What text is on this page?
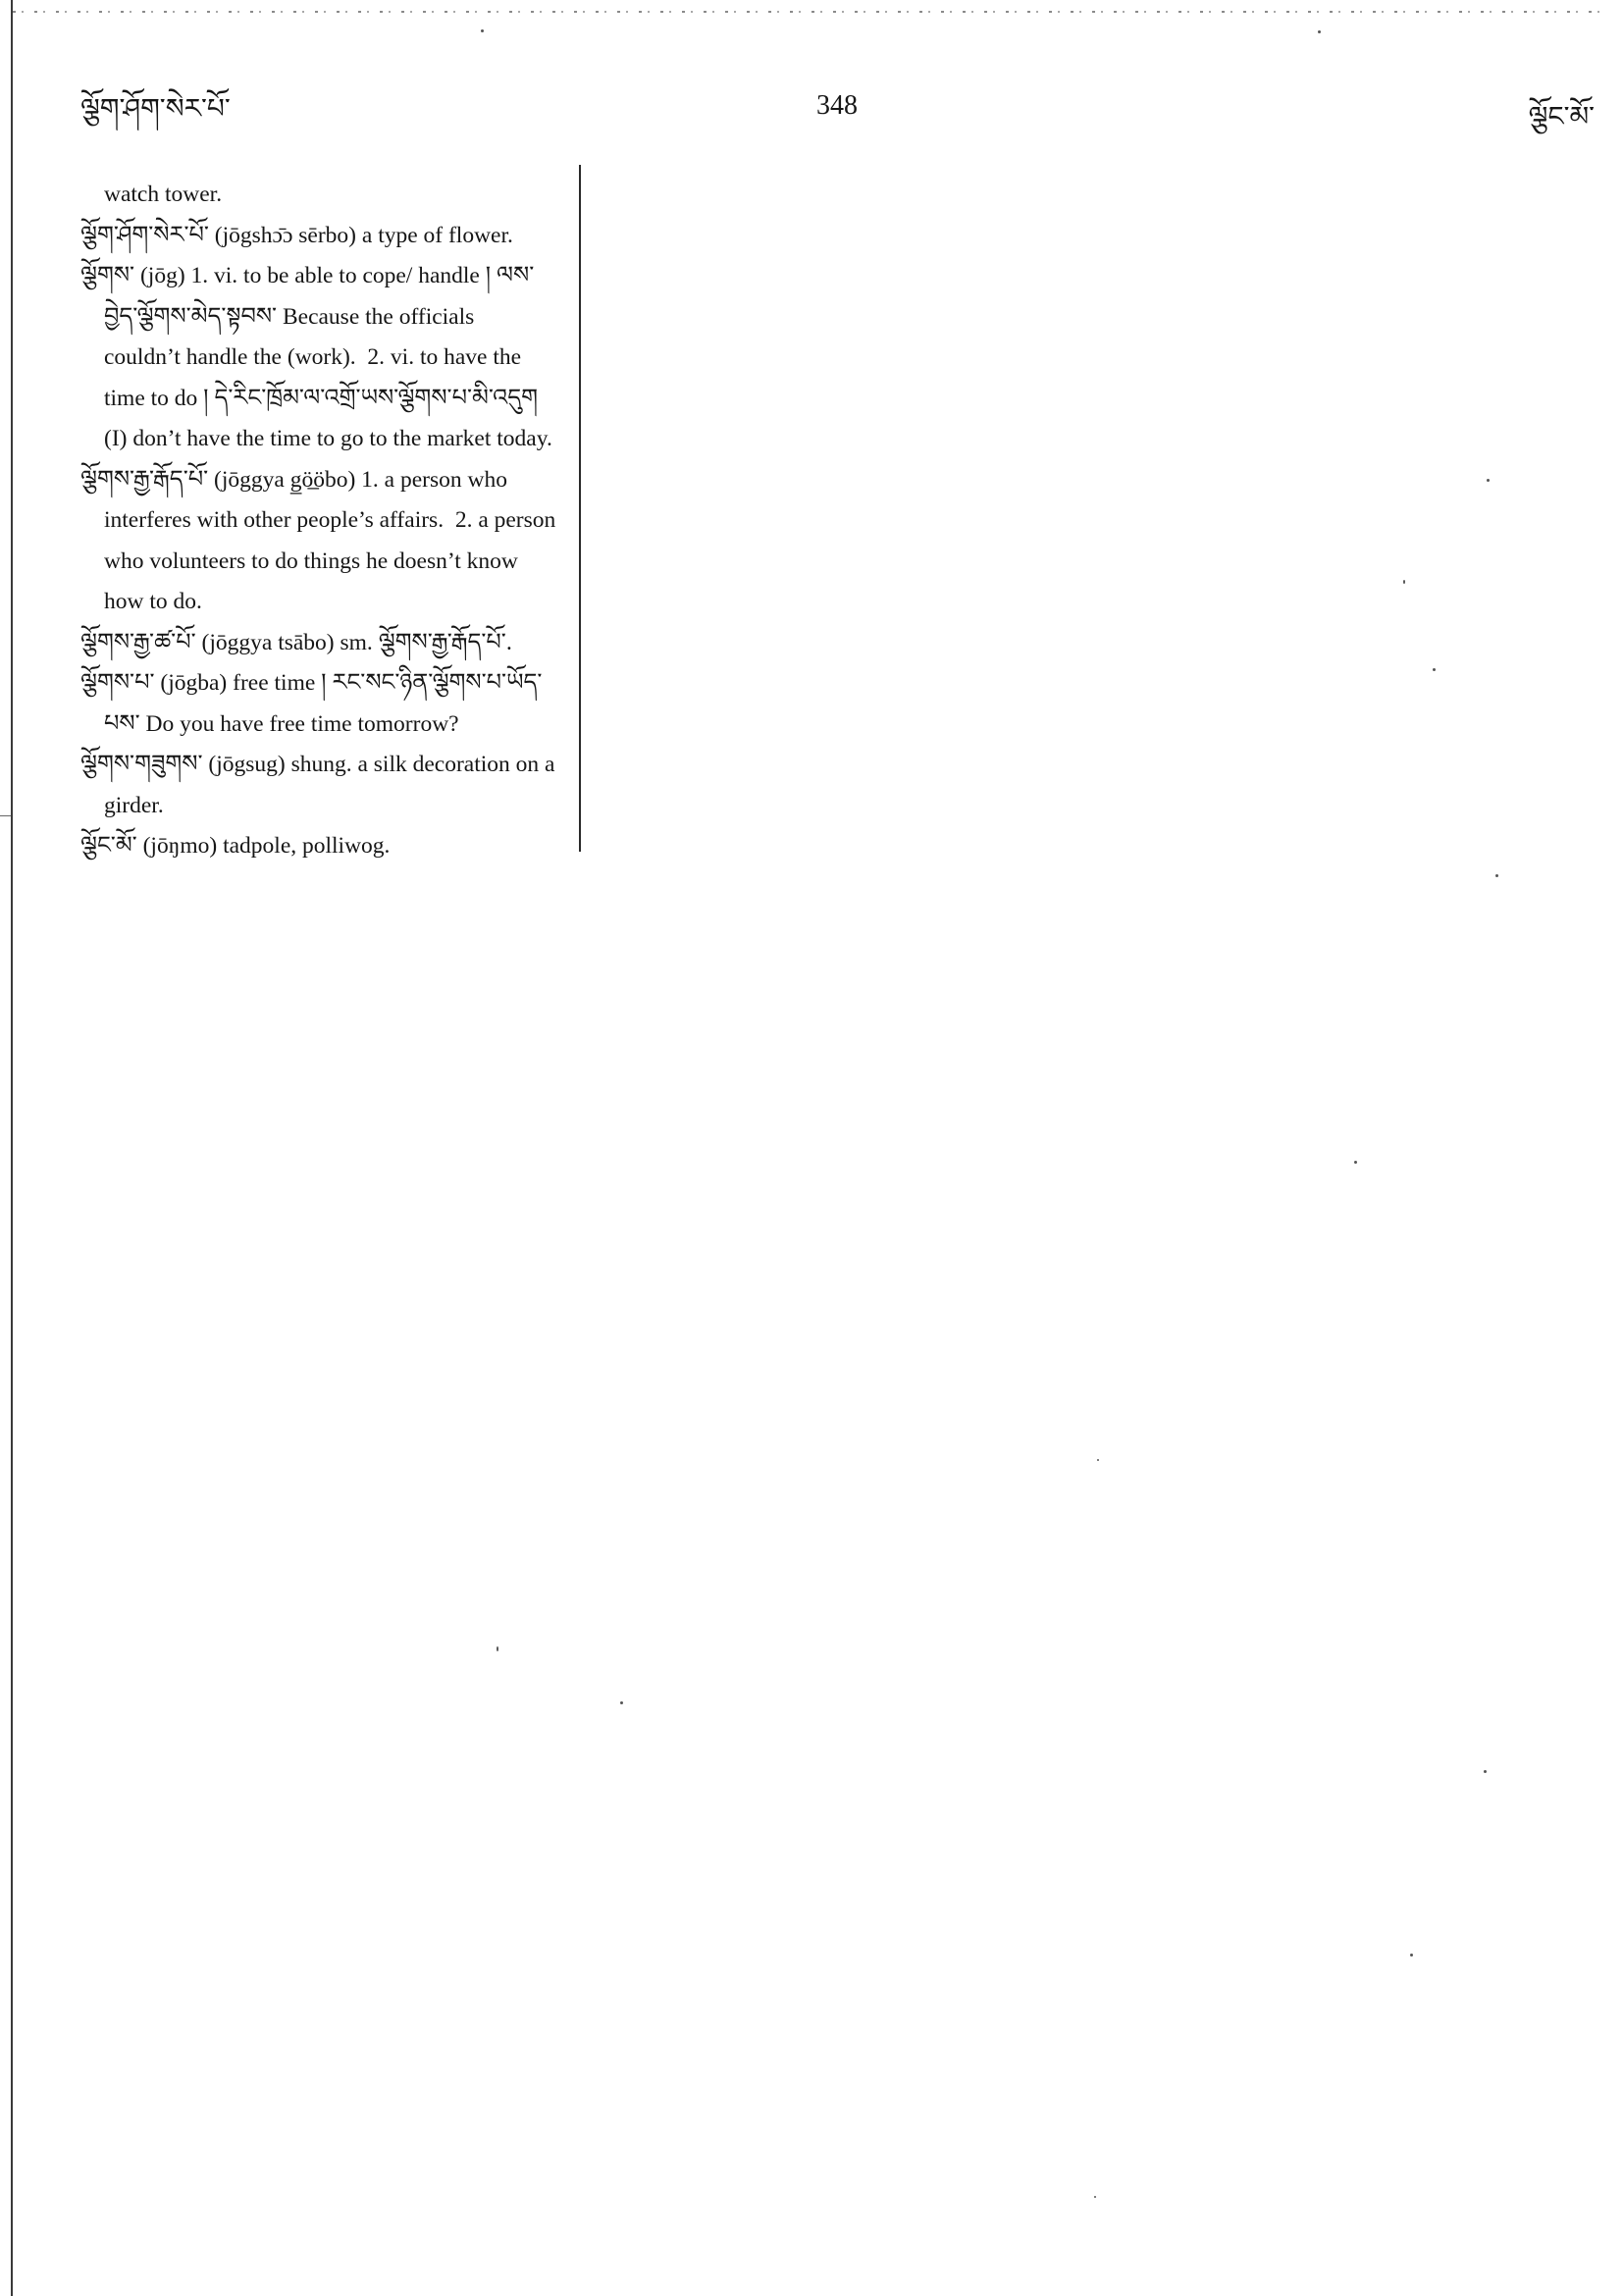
ལྕོག་ཤོག་སེར་པོ་	348	ལྕོང་མོ་
watch tower.
ལྕོག་ཤོག་སེར་པོ་ (jōgshɔ̄ɔ sērbo) a type of flower.
ལྕོགས་ (jōg) 1. vi. to be able to cope/ handle ། ལས་
བྱེད་ལྕོགས་མེད་སྟབས་ Because the officials
couldn’t handle the (work).  2. vi. to have the
time to do ། དེ་རིང་ཁྲོམ་ལ་འགྲོ་ཡས་ལྕོགས་པ་མི་འདུག
(I) don’t have the time to go to the market today.
ལྕོགས་རྒྱ་རྒོད་པོ་ (jōggya g̲ö̲öbo) 1. a person who
interferes with other people’s affairs.  2. a person
who volunteers to do things he doesn’t know
how to do.
ལྕོགས་རྒྱ་ཚ་པོ་ (jōggya tsābo) sm. ལྕོགས་རྒྱ་རྒོད་པོ་.
ལྕོགས་པ་ (jōgba) free time ། རང་སང་ཉིན་ལྕོགས་པ་ཡོད་
པས་ Do you have free time tomorrow?
ལྕོགས་གཟུགས་ (jōgsug) shung. a silk decoration on a
girder.
ལྕོང་མོ་ (jōŋmo) tadpole, polliwog.
